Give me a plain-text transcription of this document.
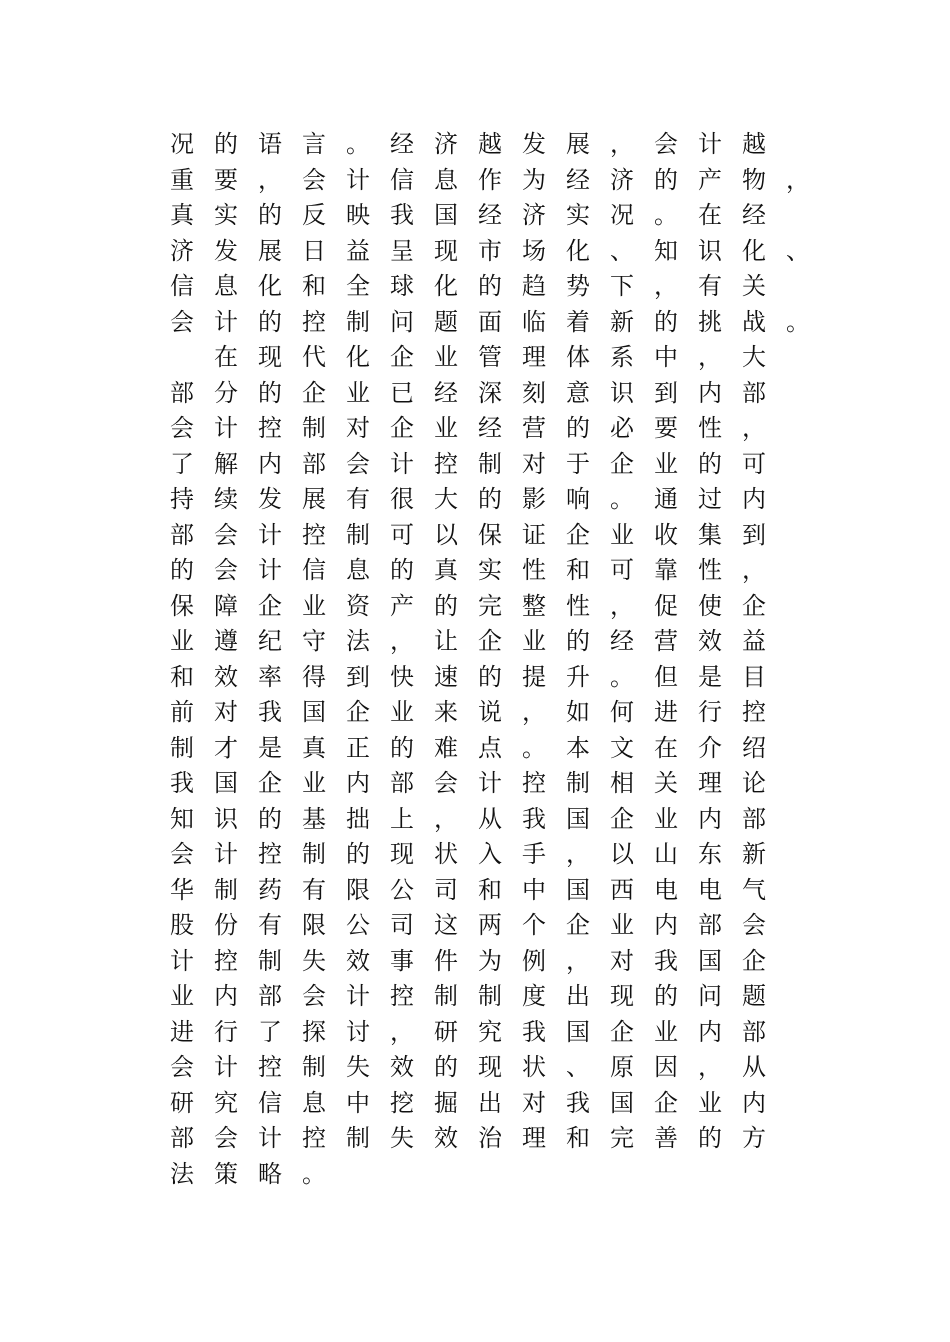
况 的 语 言 。 经 济 越 发 展 ， 会 计 越
重 要 ， 会 计 信 息 作 为 经 济 的 产 物 ，
真 实 的 反 映 我 国 经 济 实 况 。 在 经
济 发 展 日 益 呈 现 市 场 化 、 知 识 化 、
信 息 化 和 全 球 化 的 趋 势 下 ， 有 关
会 计 的 控 制 问 题 面 临 着 新 的 挑 战 。

在 现 代 化 企 业 管 理 体 系 中 ， 大
部 分 的 企 业 已 经 深 刻 意 识 到 内 部
会 计 控 制 对 企 业 经 营 的 必 要 性 ，
了 解 内 部 会 计 控 制 对 于 企 业 的 可
持 续 发 展 有 很 大 的 影 响 。 通 过 内
部 会 计 控 制 可 以 保 证 企 业 收 集 到
的 会 计 信 息 的 真 实 性 和 可 靠 性 ，
保 障 企 业 资 产 的 完 整 性 ， 促 使 企
业 遵 纪 守 法 ， 让 企 业 的 经 营 效 益
和 效 率 得 到 快 速 的 提 升 。 但 是 目
前 对 我 国 企 业 来 说 ， 如 何 进 行 控
制 才 是 真 正 的 难 点 。 本 文 在 介 绍
我 国 企 业 内 部 会 计 控 制 相 关 理 论
知 识 的 基 拙 上 ， 从 我 国 企 业 内 部
会 计 控 制 的 现 状 入 手 ， 以 山 东 新
华 制 药 有 限 公 司 和 中 国 西 电 电 气
股 份 有 限 公 司 这 两 个 企 业 内 部 会
计 控 制 失 效 事 件 为 例 ， 对 我 国 企
业 内 部 会 计 控 制 制 度 出 现 的 问 题
进 行 了 探 讨 ， 研 究 我 国 企 业 内 部
会 计 控 制 失 效 的 现 状 、 原 因 ， 从
研 究 信 息 中 挖 掘 出 对 我 国 企 业 内
部 会 计 控 制 失 效 治 理 和 完 善 的 方
法 策 略 。
